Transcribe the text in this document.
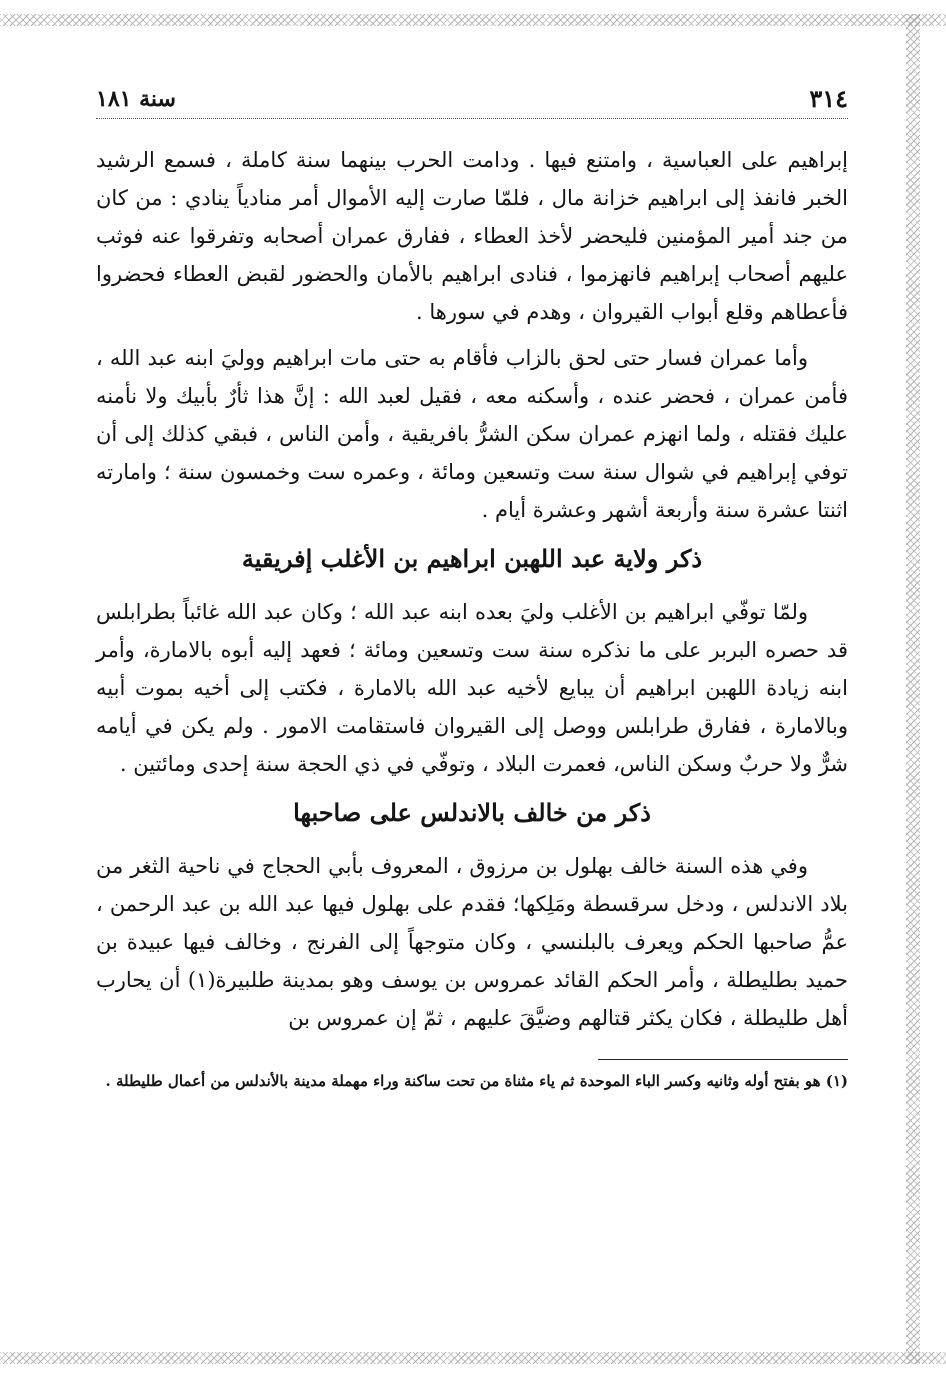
٣١٤
سنة ١٨١

إبراهيم على العباسية ، وامتنع فيها . ودامت الحرب بينهما سنة كاملة ، فسمع الرشيد الخبر فانفذ إلى ابراهيم خزانة مال ، فلمّا صارت إليه الأموال أمر منادياً ينادي : من كان من جند أمير المؤمنين فليحضر لأخذ العطاء ، ففارق عمران أصحابه وتفرقوا عنه فوثب عليهم أصحاب إبراهيم فانهزموا ، فنادى ابراهيم بالأمان والحضور لقبض العطاء فحضروا فأعطاهم وقلع أبواب القيروان ، وهدم في سورها .

وأما عمران فسار حتى لحق بالزاب فأقام به حتى مات ابراهيم ووليَ ابنه عبد الله ، فأمن عمران ، فحضر عنده ، وأسكنه معه ، فقيل لعبد الله : إنَّ هذا ثأرٌ بأبيك ولا نأمنه عليك فقتله ، ولما انهزم عمران سكن الشرُّ بافريقية ، وأمن الناس ، فبقي كذلك إلى أن توفي إبراهيم في شوال سنة ست وتسعين ومائة ، وعمره ست وخمسون سنة ؛ وامارته اثنتا عشرة سنة وأربعة أشهر وعشرة أيام .

ذكر ولاية عبد اللهبن ابراهيم بن الأغلب إفريقية

ولمّا توفّي ابراهيم بن الأغلب وليَ بعده ابنه عبد الله ؛ وكان عبد الله غائباً بطرابلس قد حصره البربر على ما نذكره سنة ست وتسعين ومائة ؛ فعهد إليه أبوه بالامارة، وأمر ابنه زيادة اللهبن ابراهيم أن يبايع لأخيه عبد الله بالامارة ، فكتب إلى أخيه بموت أبيه وبالامارة ، ففارق طرابلس ووصل إلى القيروان فاستقامت الامور . ولم يكن في أيامه شرٌّ ولا حربٌ وسكن الناس، فعمرت البلاد ، وتوفّي في ذي الحجة سنة إحدى ومائتين .

ذكر من خالف بالاندلس على صاحبها

وفي هذه السنة خالف بهلول بن مرزوق ، المعروف بأبي الحجاج في ناحية الثغر من بلاد الاندلس ، ودخل سرقسطة ومَلِكها؛ فقدم على بهلول فيها عبد الله بن عبد الرحمن ، عمُّ صاحبها الحكم ويعرف بالبلنسي ، وكان متوجهاً إلى الفرنج ، وخالف فيها عبيدة بن حميد بطليطلة ، وأمر الحكم القائد عمروس بن يوسف وهو بمدينة طلبيرة(١) أن يحارب أهل طليطلة ، فكان يكثر قتالهم وضيَّقَ عليهم ، ثمّ إن عمروس بن

(١) هو بفتح أوله وثانيه وكسر الباء الموحدة ثم ياء مثناة من تحت ساكنة وراء مهملة مدينة بالأندلس من أعمال طليطلة .
